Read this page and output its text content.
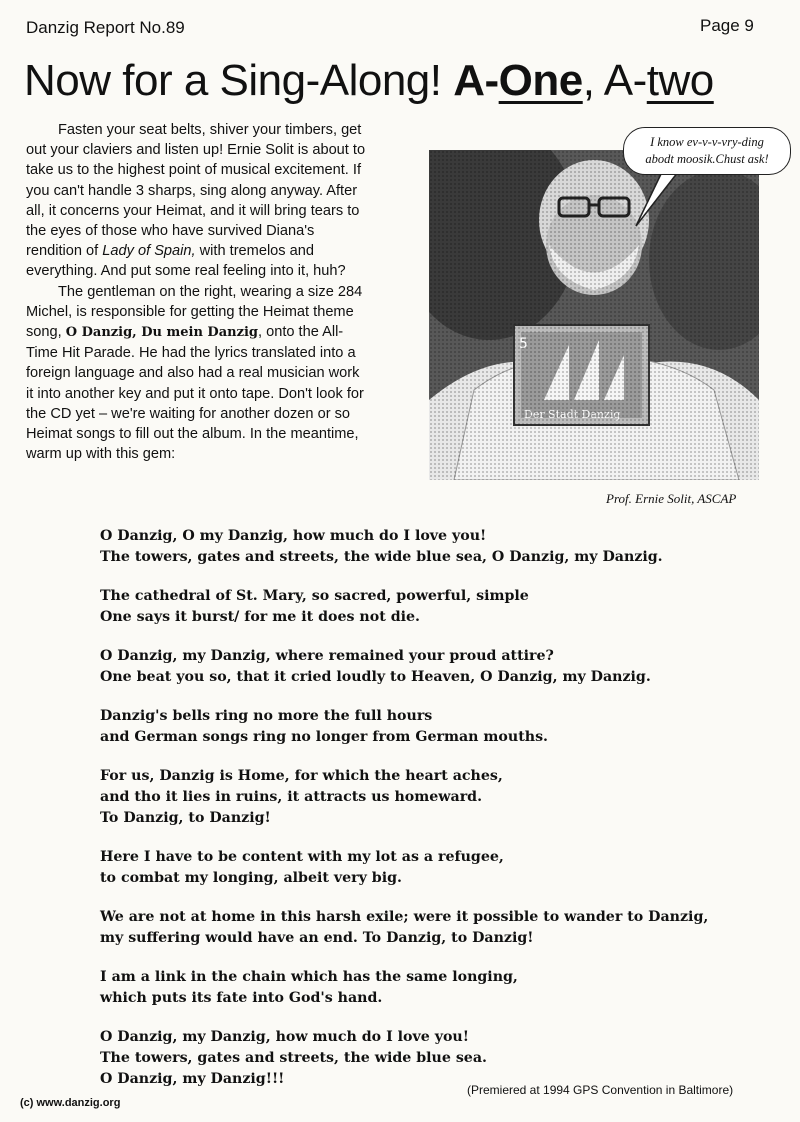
Danzig Report No.89	Page 9
Now for a Sing-Along! A-One, A-two

Fasten your seat belts, shiver your timbers, get out your claviers and listen up! Ernie Solit is about to take us to the highest point of musical excitement. If you can't handle 3 sharps, sing along anyway. After all, it concerns your Heimat, and it will bring tears to the eyes of those who have survived Diana's rendition of Lady of Spain, with tremelos and everything. And put some real feeling into it, huh?

The gentleman on the right, wearing a size 284 Michel, is responsible for getting the Heimat theme song, O Danzig, Du mein Danzig, onto the All-Time Hit Parade. He had the lyrics translated into a foreign language and also had a real musician work it into another key and put it onto tape. Don't look for the CD yet – we're waiting for another dozen or so Heimat songs to fill out the album. In the meantime, warm up with this gem:

I know ev-v-v-vry-ding
abodt moosik.Chust ask!
Prof. Ernie Solit, ASCAP
O Danzig, O my Danzig, how much do I love you!
The towers, gates and streets, the wide blue sea, O Danzig, my Danzig.
The cathedral of St. Mary, so sacred, powerful, simple
One says it burst/ for me it does not die.
O Danzig, my Danzig, where remained your proud attire?
One beat you so, that it cried loudly to Heaven, O Danzig, my Danzig.
Danzig's bells ring no more the full hours
and German songs ring no longer from German mouths.
For us, Danzig is Home, for which the heart aches,
and tho it lies in ruins, it attracts us homeward.
To Danzig, to Danzig!
Here I have to be content with my lot as a refugee,
to combat my longing, albeit very big.
We are not at home in this harsh exile; were it possible to wander to Danzig,
my suffering would have an end. To Danzig, to Danzig!
I am a link in the chain which has the same longing,
which puts its fate into God's hand.
O Danzig, my Danzig, how much do I love you!
The towers, gates and streets, the wide blue sea.
O Danzig, my Danzig!!!
(c) www.danzig.org
(Premiered at 1994 GPS Convention in Baltimore)
